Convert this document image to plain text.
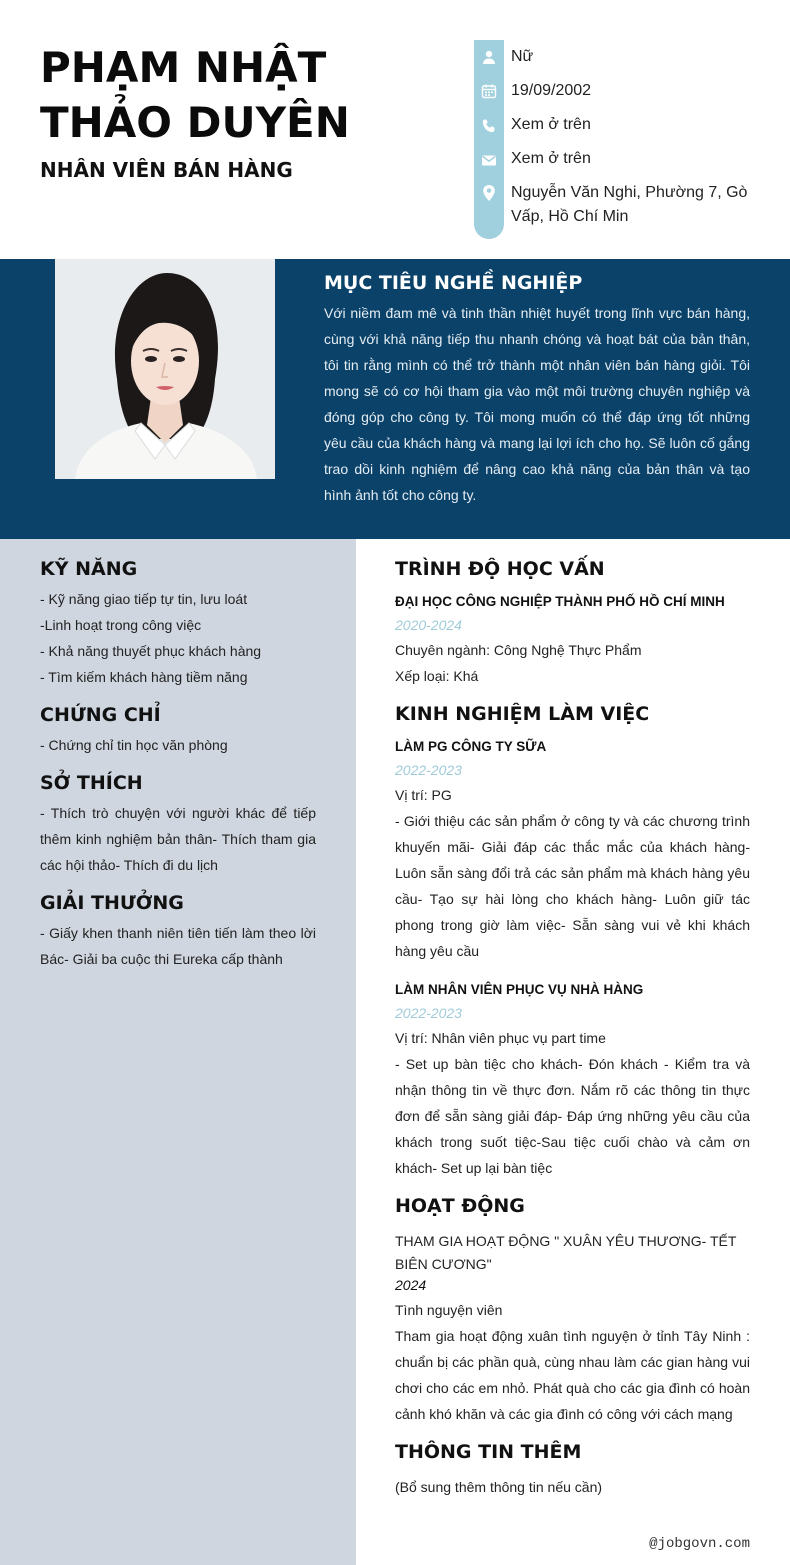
PHẠM NHẬT THẢO DUYÊN
NHÂN VIÊN BÁN HÀNG
Nữ
19/09/2002
Xem ở trên
Xem ở trên
Nguyễn Văn Nghi, Phường 7, Gò Vấp, Hồ Chí Min
MỤC TIÊU NGHỀ NGHIỆP
Với niềm đam mê và tinh thần nhiệt huyết trong lĩnh vực bán hàng, cùng với khả năng tiếp thu nhanh chóng và hoạt bát của bản thân, tôi tin rằng mình có thể trở thành một nhân viên bán hàng giỏi. Tôi mong sẽ có cơ hội tham gia vào một môi trường chuyên nghiệp và đóng góp cho công ty. Tôi mong muốn có thể đáp ứng tốt những yêu cầu của khách hàng và mang lại lợi ích cho họ. Sẽ luôn cố gắng trao dồi kinh nghiệm để nâng cao khả năng của bản thân và tạo hình ảnh tốt cho công ty.
KỸ NĂNG
- Kỹ năng giao tiếp tự tin, lưu loát
-Linh hoạt trong công việc
- Khả năng thuyết phục khách hàng
- Tìm kiếm khách hàng tiềm năng
CHỨNG CHỈ
- Chứng chỉ tin học văn phòng
SỞ THÍCH
- Thích trò chuyện với người khác để tiếp thêm kinh nghiệm bản thân- Thích tham gia các hội thảo- Thích đi du lịch
GIẢI THƯỞNG
- Giấy khen thanh niên tiên tiến làm theo lời Bác- Giải ba cuộc thi Eureka cấp thành
TRÌNH ĐỘ HỌC VẤN
ĐẠI HỌC CÔNG NGHIỆP THÀNH PHỐ HỒ CHÍ MINH
2020-2024
Chuyên ngành: Công Nghệ Thực Phẩm
Xếp loại: Khá
KINH NGHIỆM LÀM VIỆC
LÀM PG CÔNG TY SỮA
2022-2023
Vị trí: PG
- Giới thiệu các sản phẩm ở công ty và các chương trình khuyến mãi- Giải đáp các thắc mắc của khách hàng- Luôn sẵn sàng đổi trả các sản phẩm mà khách hàng yêu cầu- Tạo sự hài lòng cho khách hàng- Luôn giữ tác phong trong giờ làm việc- Sẵn sàng vui vẻ khi khách hàng yêu cầu
LÀM NHÂN VIÊN PHỤC VỤ NHÀ HÀNG
2022-2023
Vị trí: Nhân viên phục vụ part time
- Set up bàn tiệc cho khách- Đón khách - Kiểm tra và nhận thông tin về thực đơn. Nắm rõ các thông tin thực đơn để sẵn sàng giải đáp- Đáp ứng những yêu cầu của khách trong suốt tiệc-Sau tiệc cuối chào và cảm ơn khách- Set up lại bàn tiệc
HOẠT ĐỘNG
THAM GIA HOẠT ĐỘNG " XUÂN YÊU THƯƠNG- TẾT BIÊN CƯƠNG"
2024
Tình nguyện viên
Tham gia hoạt động xuân tình nguyện ở tỉnh Tây Ninh : chuẩn bị các phần quà, cùng nhau làm các gian hàng vui chơi cho các em nhỏ. Phát quà cho các gia đình có hoàn cảnh khó khăn và các gia đình có công với cách mạng
THÔNG TIN THÊM
(Bổ sung thêm thông tin nếu cần)
@jobgovn.com
